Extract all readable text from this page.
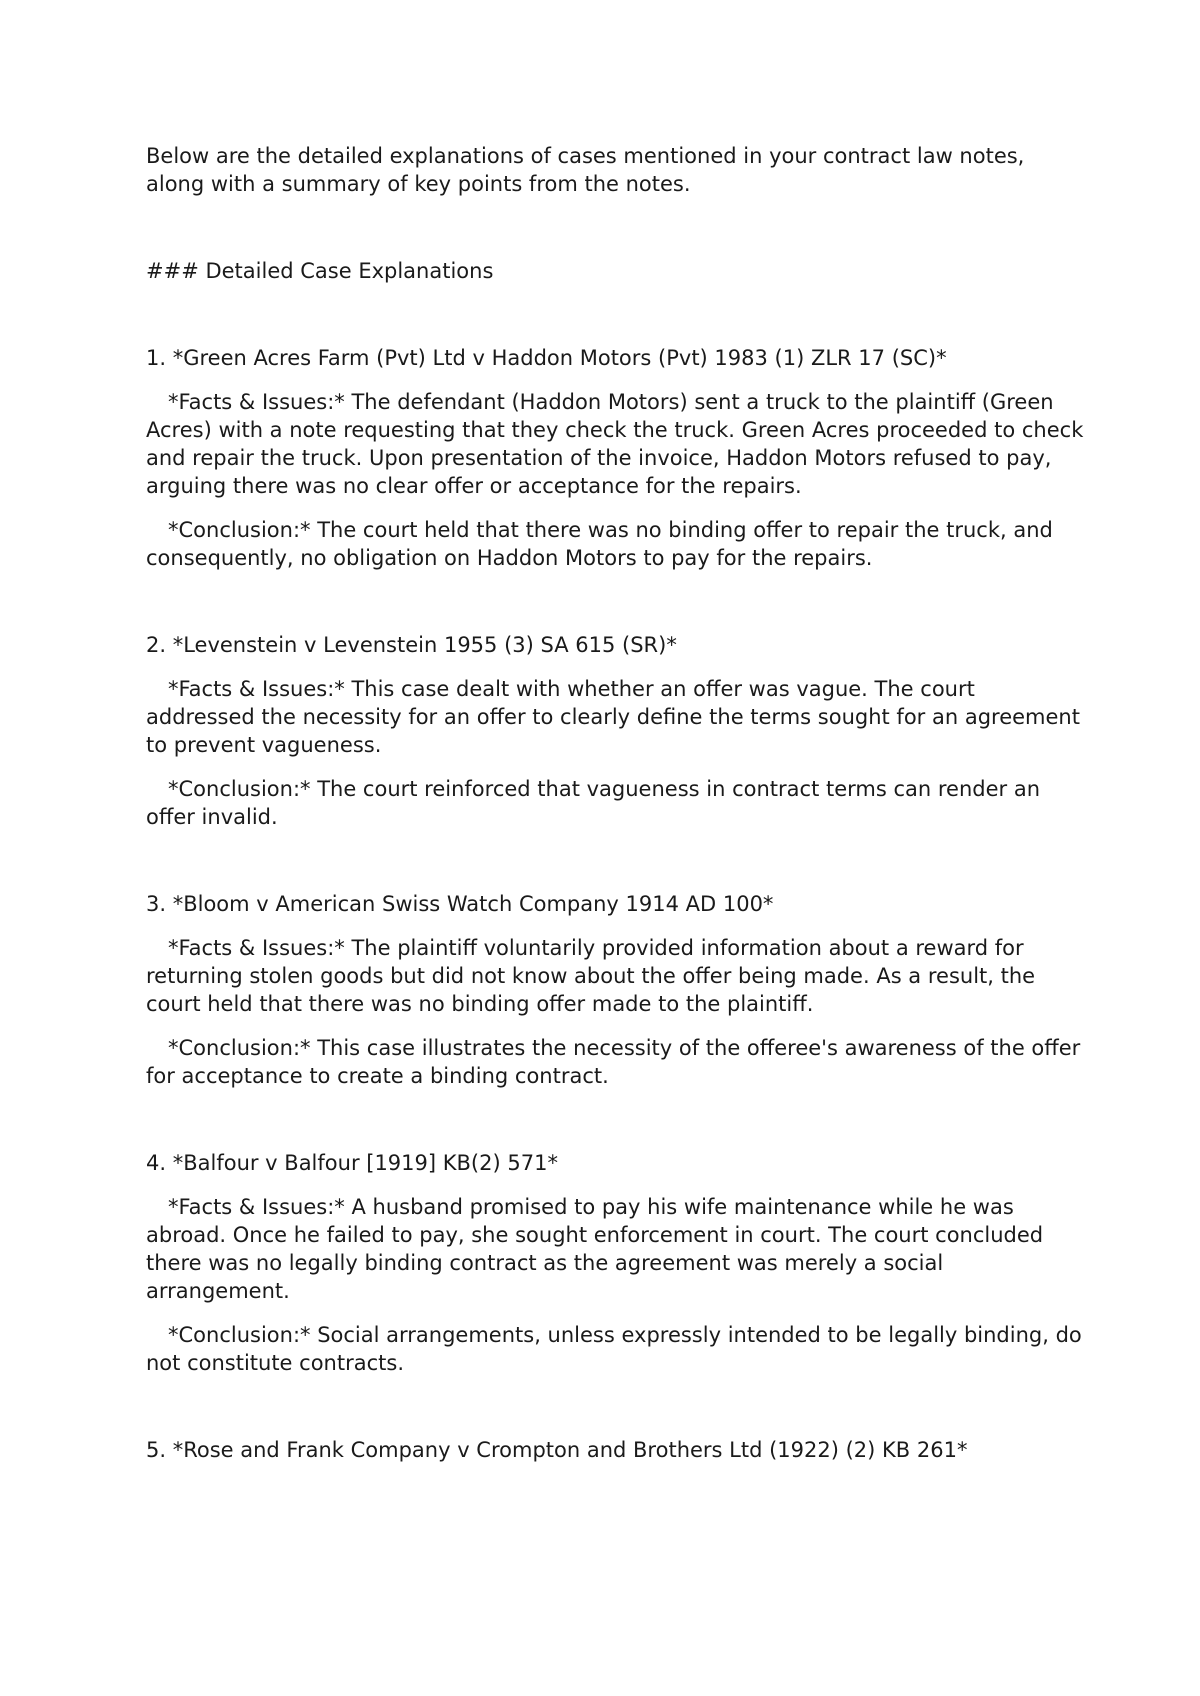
Below are the detailed explanations of cases mentioned in your contract law notes, along with a summary of key points from the notes.

### Detailed Case Explanations

1. *Green Acres Farm (Pvt) Ltd v Haddon Motors (Pvt) 1983 (1) ZLR 17 (SC)*

*Facts & Issues:* The defendant (Haddon Motors) sent a truck to the plaintiff (Green Acres) with a note requesting that they check the truck. Green Acres proceeded to check and repair the truck. Upon presentation of the invoice, Haddon Motors refused to pay, arguing there was no clear offer or acceptance for the repairs.

*Conclusion:* The court held that there was no binding offer to repair the truck, and consequently, no obligation on Haddon Motors to pay for the repairs.

2. *Levenstein v Levenstein 1955 (3) SA 615 (SR)*

*Facts & Issues:* This case dealt with whether an offer was vague. The court addressed the necessity for an offer to clearly define the terms sought for an agreement to prevent vagueness.

*Conclusion:* The court reinforced that vagueness in contract terms can render an offer invalid.

3. *Bloom v American Swiss Watch Company 1914 AD 100*

*Facts & Issues:* The plaintiff voluntarily provided information about a reward for returning stolen goods but did not know about the offer being made. As a result, the court held that there was no binding offer made to the plaintiff.

*Conclusion:* This case illustrates the necessity of the offeree's awareness of the offer for acceptance to create a binding contract.

4. *Balfour v Balfour [1919] KB(2) 571*

*Facts & Issues:* A husband promised to pay his wife maintenance while he was abroad. Once he failed to pay, she sought enforcement in court. The court concluded there was no legally binding contract as the agreement was merely a social arrangement.

*Conclusion:* Social arrangements, unless expressly intended to be legally binding, do not constitute contracts.

5. *Rose and Frank Company v Crompton and Brothers Ltd (1922) (2) KB 261*
